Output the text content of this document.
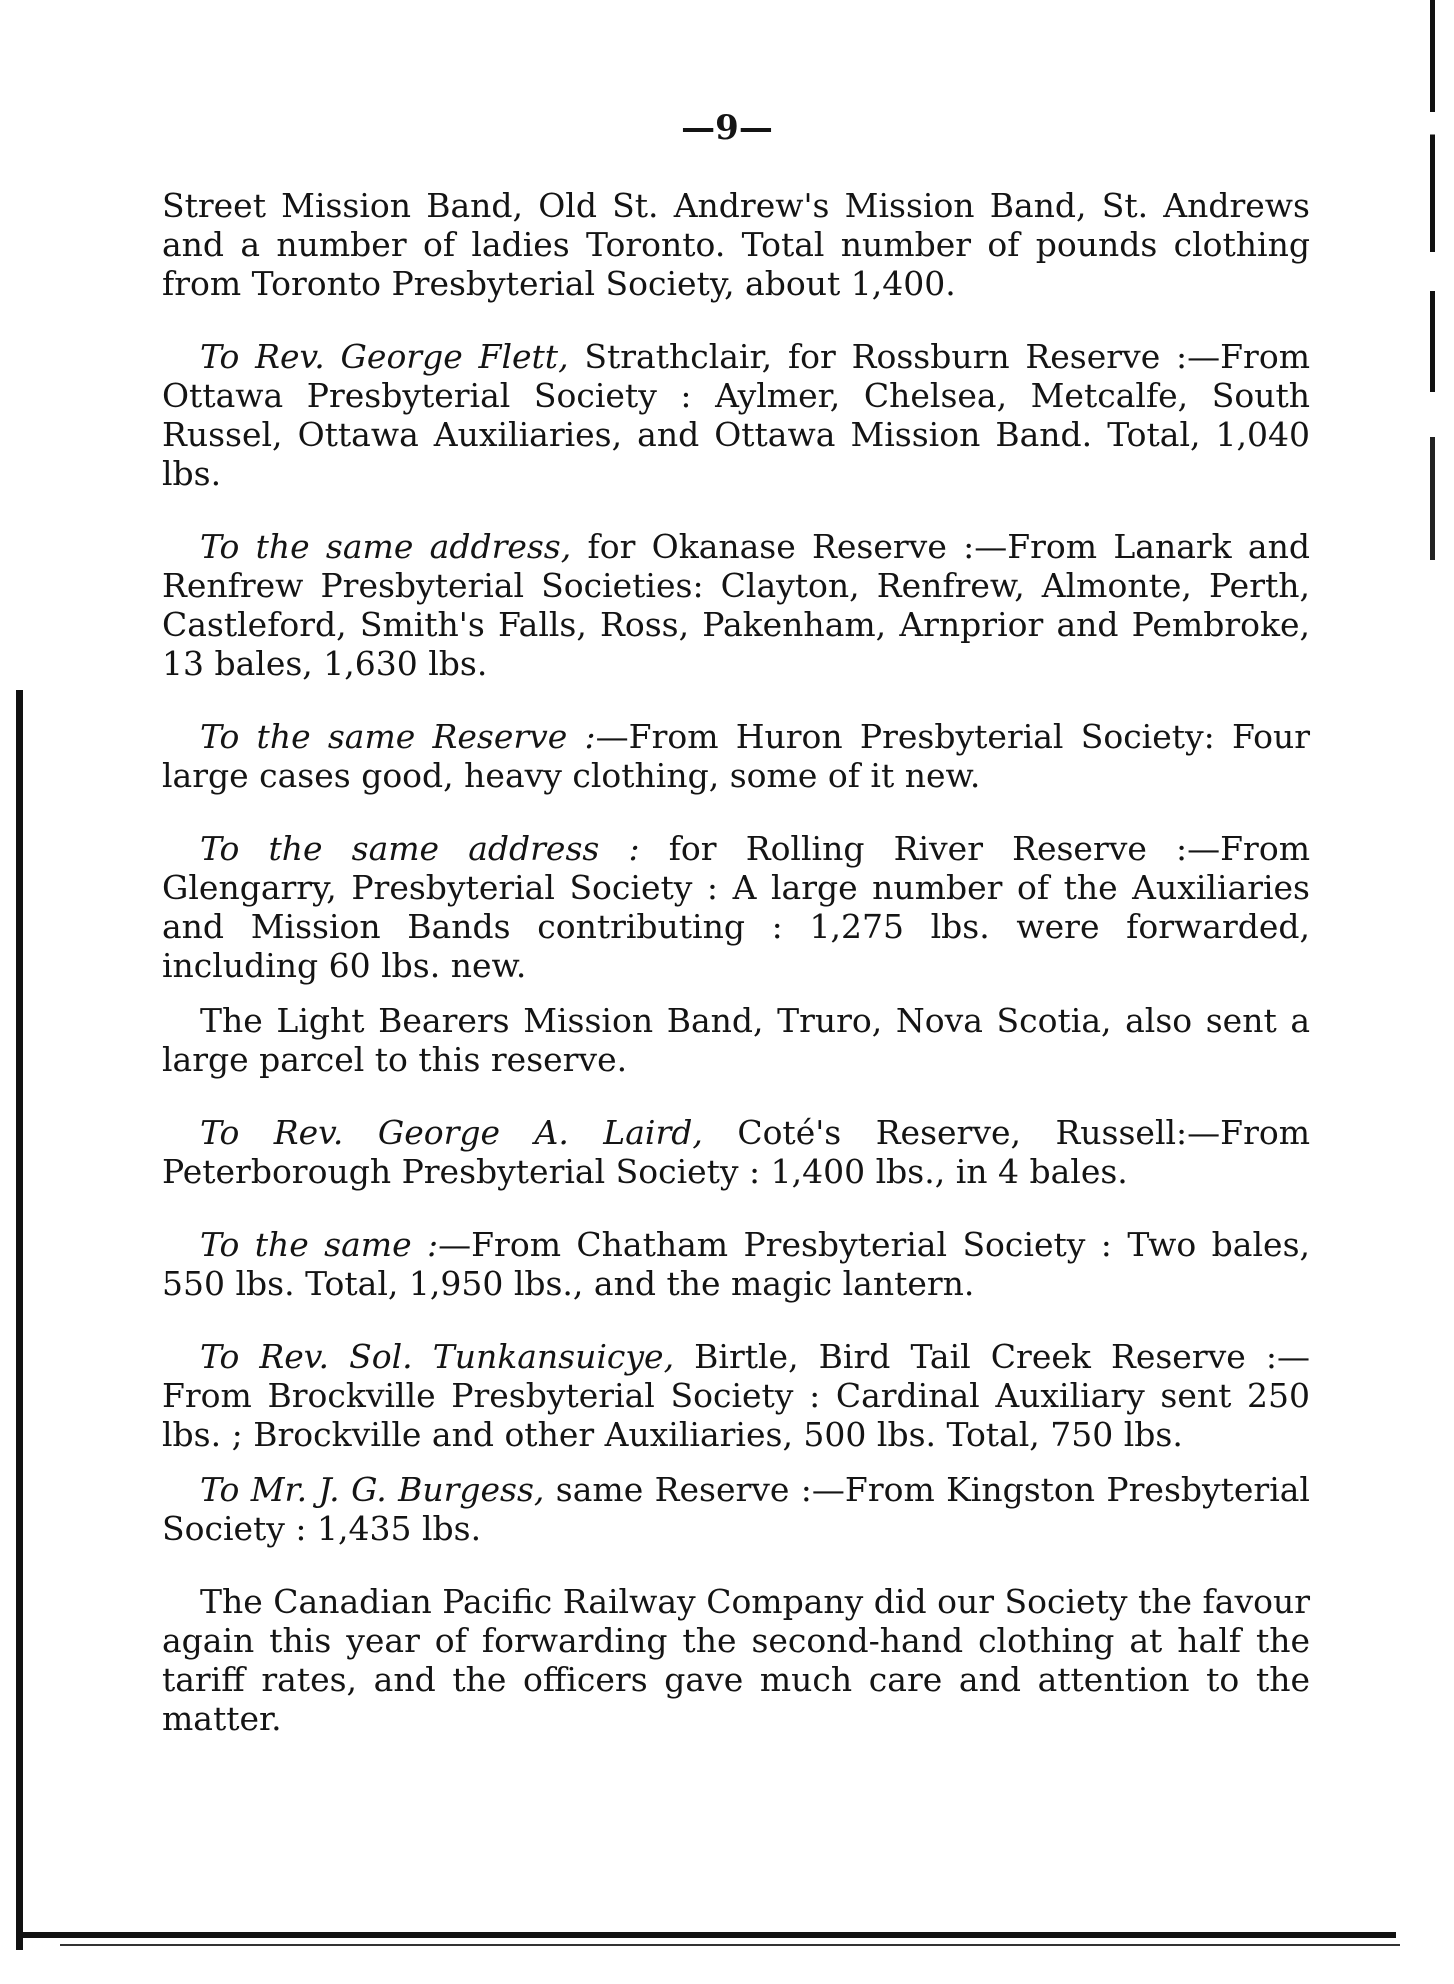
—9—

Street Mission Band, Old St. Andrew's Mission Band, St. Andrews and a number of ladies Toronto. Total number of pounds clothing from Toronto Presbyterial Society, about 1,400.

To Rev. George Flett, Strathclair, for Rossburn Reserve :—From Ottawa Presbyterial Society : Aylmer, Chelsea, Metcalfe, South Russel, Ottawa Auxiliaries, and Ottawa Mission Band. Total, 1,040 lbs.

To the same address, for Okanase Reserve :—From Lanark and Renfrew Presbyterial Societies: Clayton, Renfrew, Almonte, Perth, Castleford, Smith's Falls, Ross, Pakenham, Arnprior and Pembroke, 13 bales, 1,630 lbs.

To the same Reserve :—From Huron Presbyterial Society: Four large cases good, heavy clothing, some of it new.

To the same address : for Rolling River Reserve :—From Glengarry, Presbyterial Society : A large number of the Auxiliaries and Mission Bands contributing : 1,275 lbs. were forwarded, including 60 lbs. new.

The Light Bearers Mission Band, Truro, Nova Scotia, also sent a large parcel to this reserve.

To Rev. George A. Laird, Coté's Reserve, Russell:—From Peterborough Presbyterial Society : 1,400 lbs., in 4 bales.

To the same :—From Chatham Presbyterial Society : Two bales, 550 lbs. Total, 1,950 lbs., and the magic lantern.

To Rev. Sol. Tunkansuicye, Birtle, Bird Tail Creek Reserve :—From Brockville Presbyterial Society : Cardinal Auxiliary sent 250 lbs. ; Brockville and other Auxiliaries, 500 lbs. Total, 750 lbs.

To Mr. J. G. Burgess, same Reserve :—From Kingston Presbyterial Society : 1,435 lbs.

The Canadian Pacific Railway Company did our Society the favour again this year of forwarding the second-hand clothing at half the tariff rates, and the officers gave much care and attention to the matter.
